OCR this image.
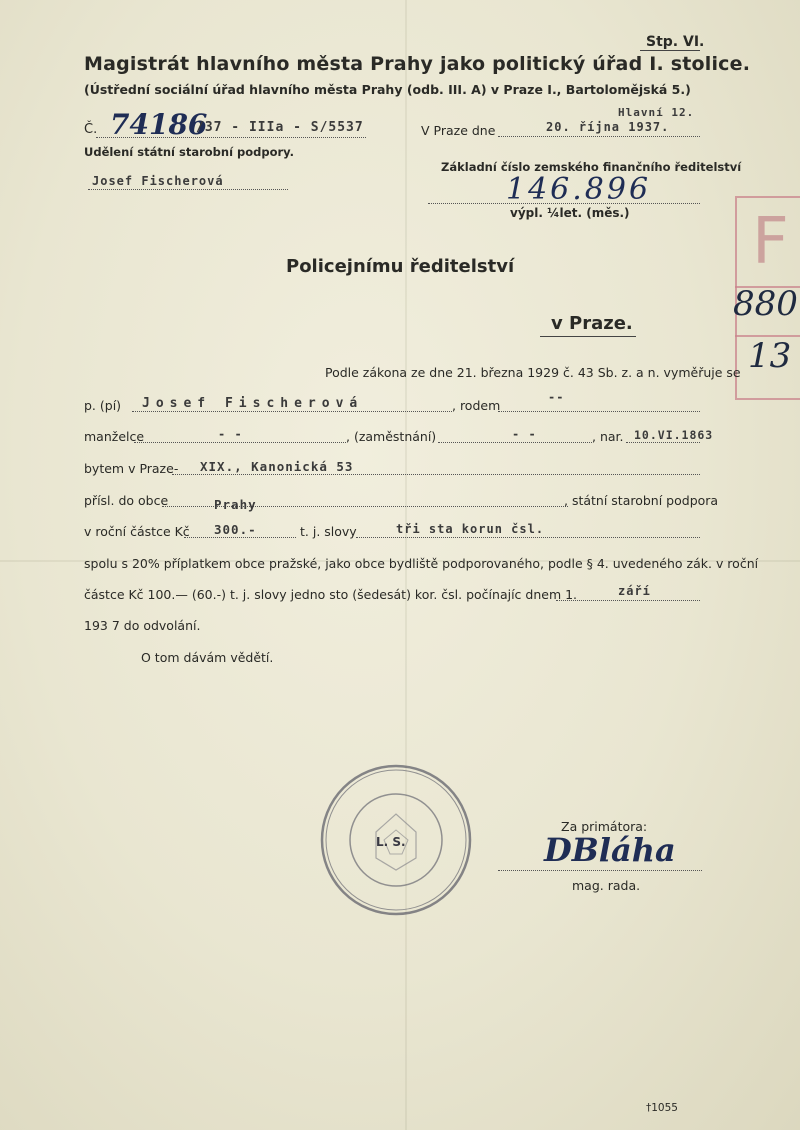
Stp. VI.
Magistrát hlavního města Prahy jako politický úřad I. stolice.
(Ústřední sociální úřad hlavního města Prahy (odb. III. A) v Praze I., Bartolomějská 5.)
Č. 74186
/37 - IIIa - S/5537
Udělení státní starobní podpory.
Josef Fischerová
V Praze dne
Hlavní 12.
20. října 1937.
Základní číslo zemského finančního ředitelství
146.896
výpl. ¼let. (měs.) F
880
13
Policejnímu ředitelství
v Praze.
Podle zákona ze dne 21. března 1929 č. 43 Sb. z. a n. vyměřuje se
p. (pí) Josef Fischerová	, rodem
--
manželce	- -	, (zaměstnání)	- -	, nar. 10.VI.1863
bytem v Praze- XIX., Kanonická 53
přísl. do obce	Prahy	, státní starobní podpora
v roční částce Kč 300.-	t. j. slovy	tři sta korun čsl.
spolu s 20% příplatkem obce pražské, jako obce bydliště podporovaného, podle § 4. uvedeného zák. v roční
částce Kč 100.— (60.-) t. j. slovy jedno sto (šedesát) kor. čsl. počínajíc dnem 1.	září
193 7 do odvolání.
O tom dávám vědětí.
L. S.
Za primátora:
DBláha
mag. rada.
†1055
